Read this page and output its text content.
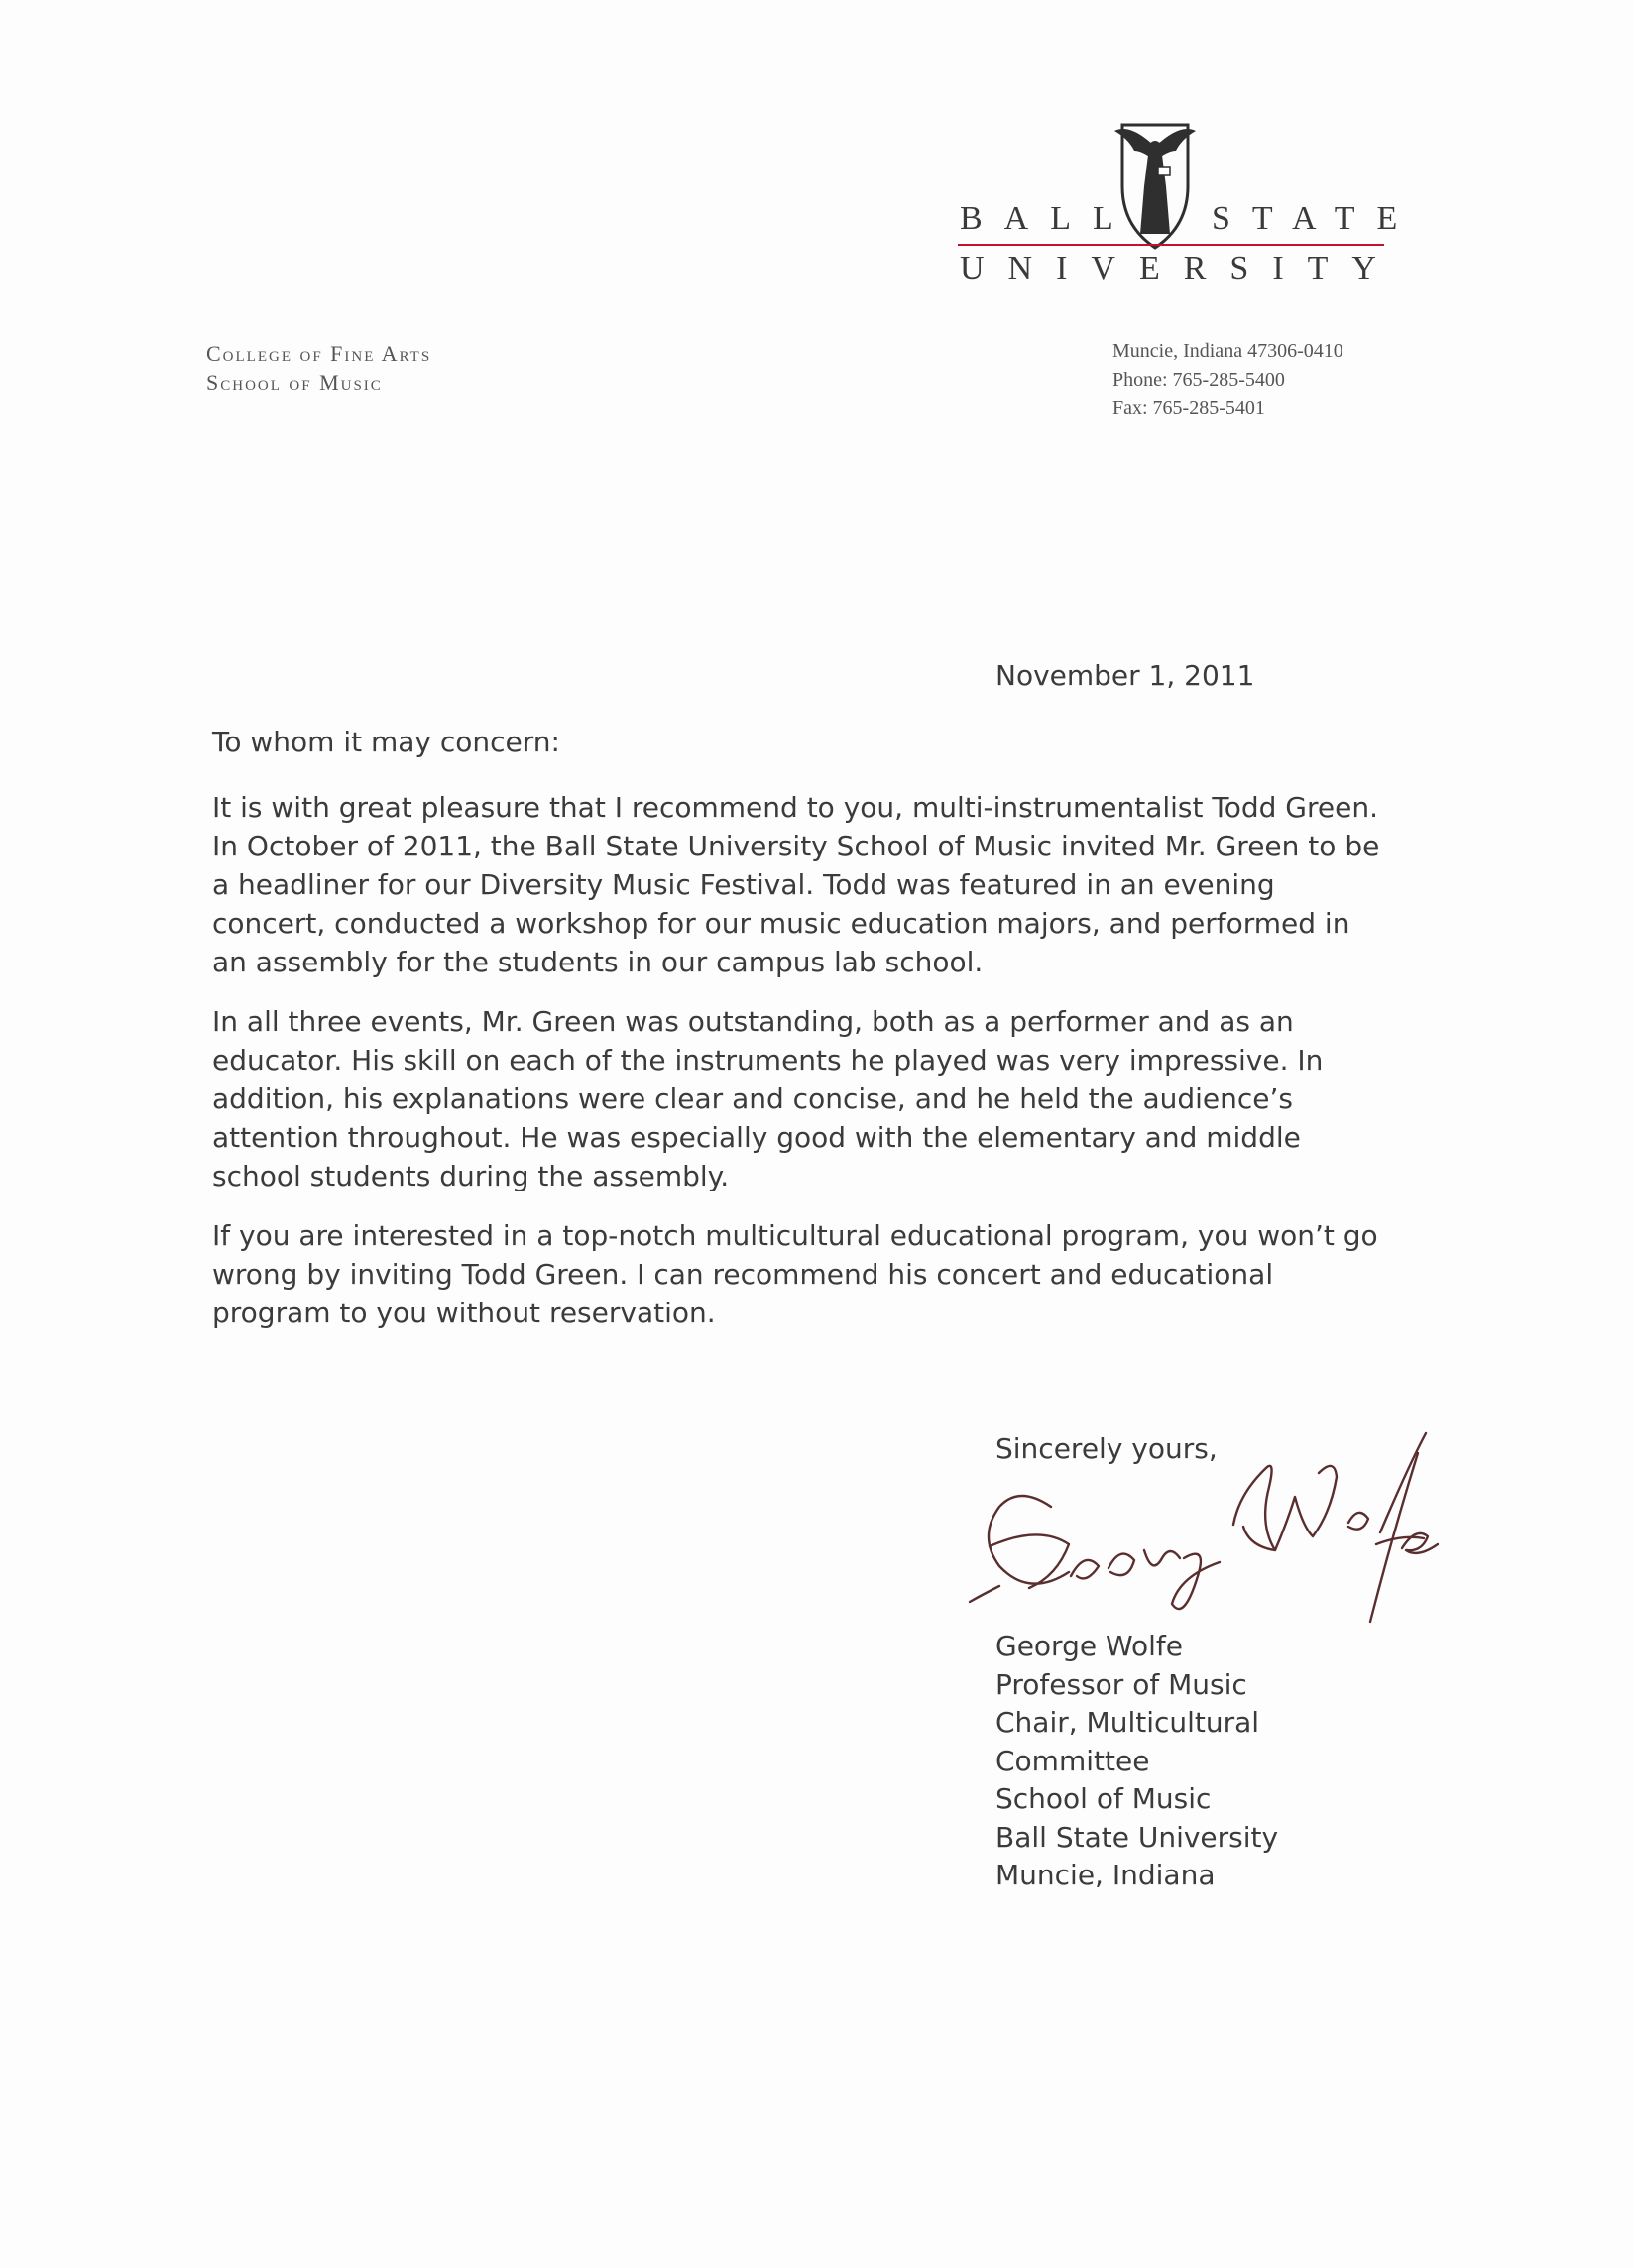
BALL STATE
UNIVERSITY
College of Fine Arts
School of Music
Muncie, Indiana 47306-0410
Phone: 765-285-5400
Fax: 765-285-5401
November 1, 2011
To whom it may concern:

It is with great pleasure that I recommend to you, multi-instrumentalist Todd Green.
In October of 2011, the Ball State University School of Music invited Mr. Green to be
a headliner for our Diversity Music Festival. Todd was featured in an evening
concert, conducted a workshop for our music education majors, and performed in
an assembly for the students in our campus lab school.

In all three events, Mr. Green was outstanding, both as a performer and as an
educator. His skill on each of the instruments he played was very impressive. In
addition, his explanations were clear and concise, and he held the audience’s
attention throughout. He was especially good with the elementary and middle
school students during the assembly.

If you are interested in a top-notch multicultural educational program, you won’t go
wrong by inviting Todd Green. I can recommend his concert and educational
program to you without reservation.

Sincerely yours,
George Wolfe
Professor of Music
Chair, Multicultural
Committee
School of Music
Ball State University
Muncie, Indiana
